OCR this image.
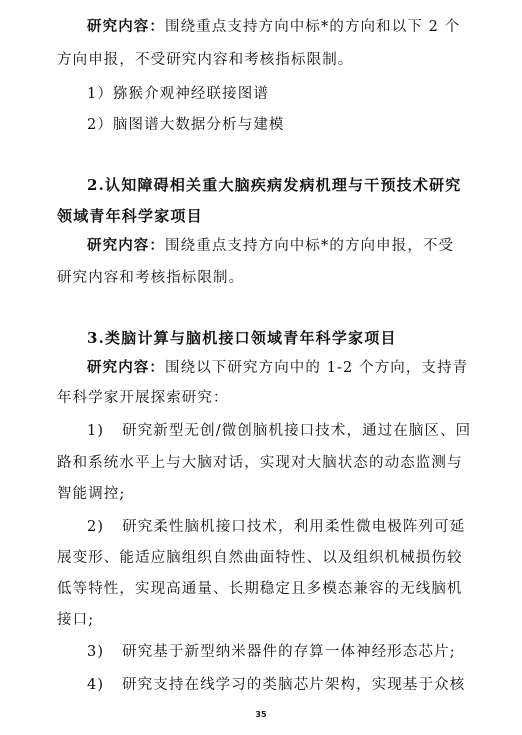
研究内容：围绕重点支持方向中标*的方向和以下 2 个
方向申报，不受研究内容和考核指标限制。
1）猕猴介观神经联接图谱
2）脑图谱大数据分析与建模
2.认知障碍相关重大脑疾病发病机理与干预技术研究
领域青年科学家项目
研究内容：围绕重点支持方向中标*的方向申报，不受
研究内容和考核指标限制。
3.类脑计算与脑机接口领域青年科学家项目
研究内容：围绕以下研究方向中的 1-2 个方向，支持青
年科学家开展探索研究：
1) 研究新型无创/微创脑机接口技术，通过在脑区、回
路和系统水平上与大脑对话，实现对大脑状态的动态监测与
智能调控;
2) 研究柔性脑机接口技术，利用柔性微电极阵列可延
展变形、能适应脑组织自然曲面特性、以及组织机械损伤较
低等特性，实现高通量、长期稳定且多模态兼容的无线脑机
接口;
3) 研究基于新型纳米器件的存算一体神经形态芯片;
4) 研究支持在线学习的类脑芯片架构，实现基于众核
35
